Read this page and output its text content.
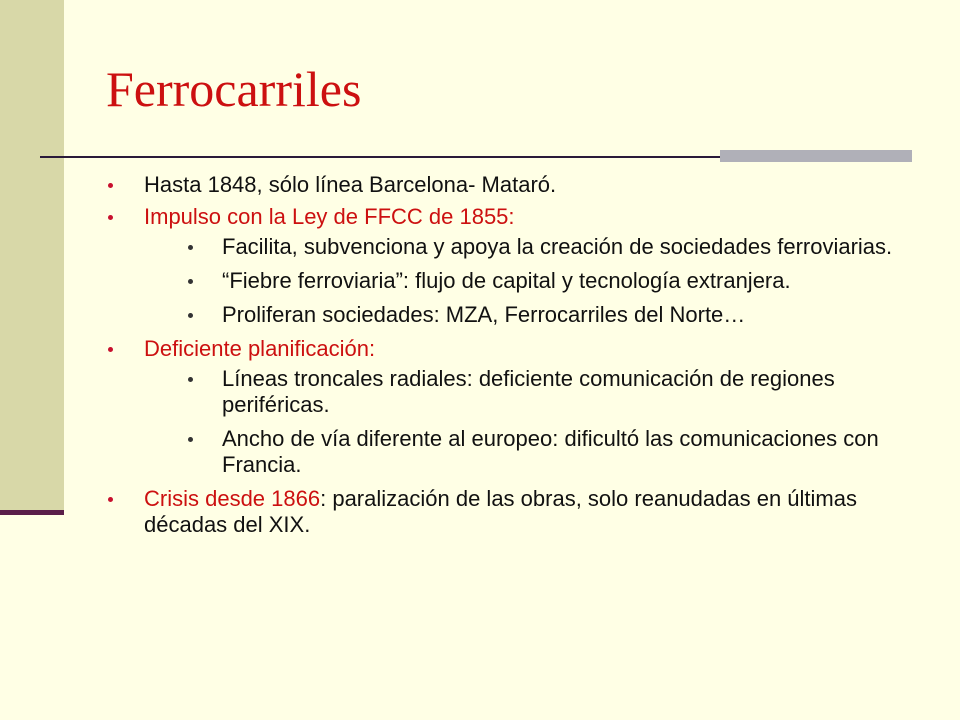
Ferrocarriles
Hasta 1848, sólo línea Barcelona- Mataró.
Impulso con la Ley de FFCC de 1855:
Facilita, subvenciona y apoya la creación de sociedades ferroviarias.
“Fiebre ferroviaria”: flujo de capital y tecnología extranjera.
Proliferan sociedades: MZA, Ferrocarriles del Norte…
Deficiente planificación:
Líneas troncales radiales: deficiente comunicación de regiones periféricas.
Ancho de vía diferente al europeo: dificultó las comunicaciones con Francia.
Crisis desde 1866: paralización de las obras, solo reanudadas en últimas décadas del XIX.
